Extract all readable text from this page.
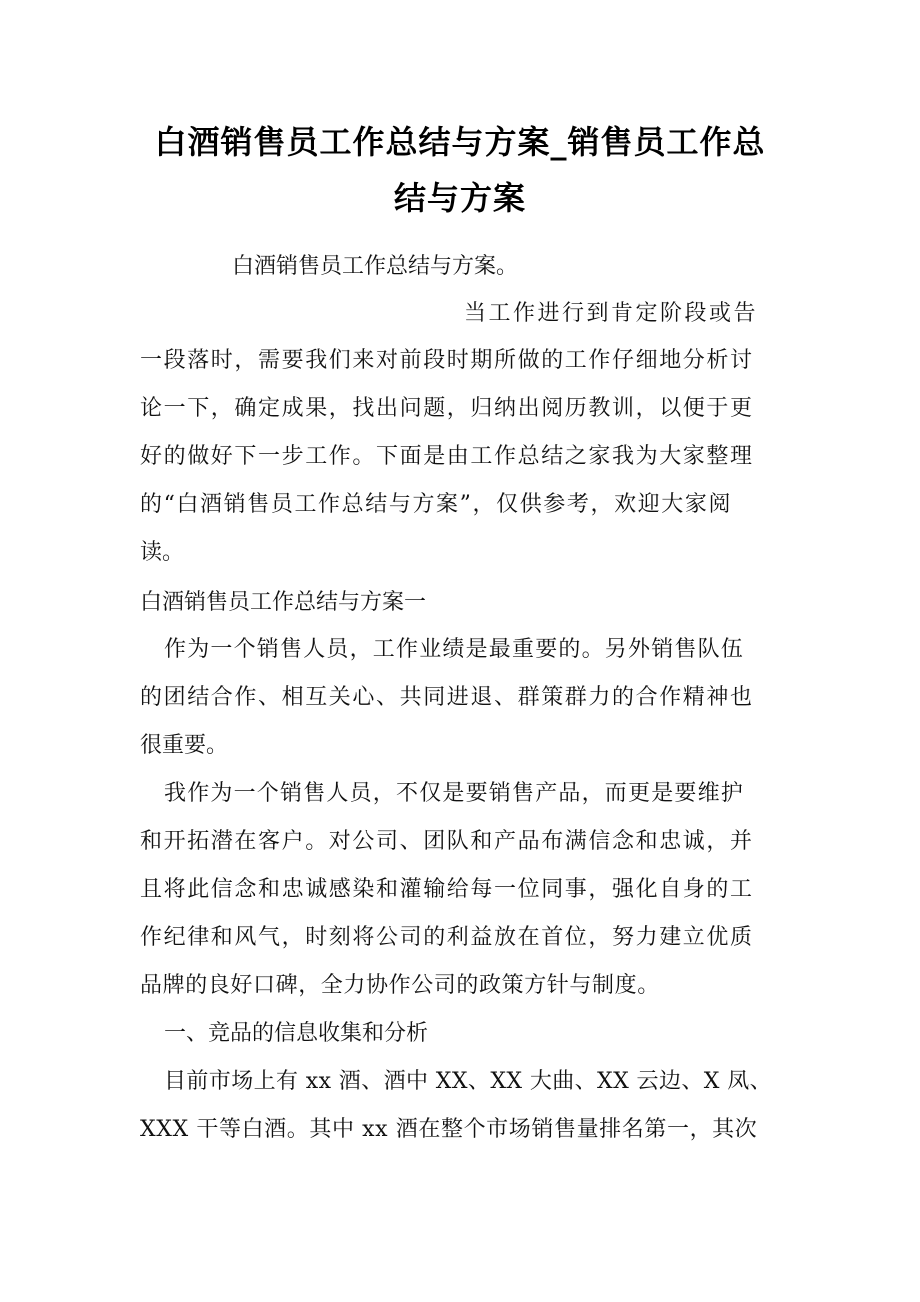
白酒销售员工作总结与方案_销售员工作总
结与方案
白酒销售员工作总结与方案。
当工作进行到肯定阶段或告
一段落时，需要我们来对前段时期所做的工作仔细地分析讨
论一下，确定成果，找出问题，归纳出阅历教训，以便于更
好的做好下一步工作。下面是由工作总结之家我为大家整理
的“白酒销售员工作总结与方案”，仅供参考，欢迎大家阅
读。
白酒销售员工作总结与方案一
作为一个销售人员，工作业绩是最重要的。另外销售队伍
的团结合作、相互关心、共同进退、群策群力的合作精神也
很重要。
我作为一个销售人员，不仅是要销售产品，而更是要维护
和开拓潜在客户。对公司、团队和产品布满信念和忠诚，并
且将此信念和忠诚感染和灌输给每一位同事，强化自身的工
作纪律和风气，时刻将公司的利益放在首位，努力建立优质
品牌的良好口碑，全力协作公司的政策方针与制度。
一、竞品的信息收集和分析
目前市场上有 xx 酒、酒中 XX、XX 大曲、XX 云边、X 凤、
XXX 干等白酒。其中 xx 酒在整个市场销售量排名第一，其次
